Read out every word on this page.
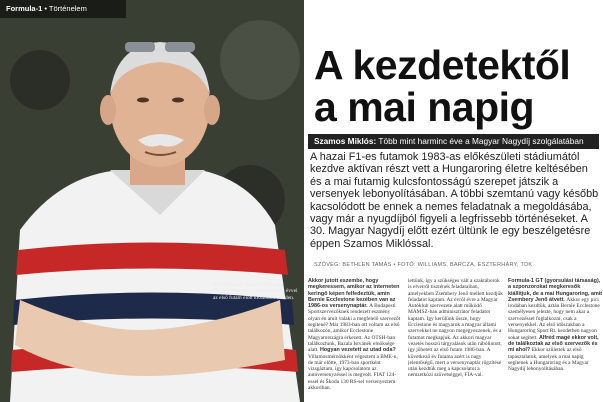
Formula-1 • Történelem
Akkor jutott eszembe, hogy megkeressem... 1983-ban egy évvel az első futam előtt kezdődött minden.
A kezdetektől
a mai napig
Szamos Miklós: Több mint harminc éve a Magyar Nagydíj szolgálatában
A hazai F1-es futamok 1983-as előkészületi stádiumától kezdve aktívan részt vett a Hungaroring életre keltésében és a mai futamig kulcsfontosságú szerepet játszik a versenyek lebonyolításában. A többi szemtanú vagy később kacsolódott be ennek a nemes feladatnak a megoldásába, vagy már a nyugdíjból figyeli a legfrissebb történéseket. A 30. Magyar Nagydíj előtt ezért ültünk le egy beszélgetésre éppen Szamos Miklóssal.
SZÖVEG: BETHLEN TAMÁS • FOTÓ: WILLIAMS, BARCZA, ESZTERHÁRY, TDK
Akkor jutott eszembe, hogy megkeressem, amikor az interneten keringő képen felfedeztük, amin Bernie Ecclestone kezében van az 1986-os versenynaptár. A Budapesti Sportszervezőknek rendezett eszmény olyan én amit valaki a megfelelő szervezőt segítené? Már 1983-ban ott voltam az első találkozón, amikor Ecclestone Magyarországra érkezett. Az OTSH-ban találkoztunk, Bazala Istvánék elnöksége alatt. Hogyan vezetett az utad oda? Villamosmérnökként végeztem a BME-n, de már előtte, 1973-ban sportként vizsgáztam, így kapcsolatom az autóversenyzéssel is megvolt. FIAT 124-essel és Škoda 130 RS-sel versenyeztem akkoriban.
lettünk, így a szükséges vált a szaktáborok is elveiről tisztének feladataiban, amelyekben Zsembery Jenő mellett kezdjük feladatot kaptam. Az évről évre a Magyar Autóklub szervezete alatt működő MAMSZ-ban adminisztrátor feladatot kaptam. Igy kerülünk össze, hogy Ecclestone és magyarok a magyar állami szervekkel ne nagyon megegyezzenek, és a futamot megkapjuk. Az akkori magyar vezetés hosszú tárgyalások után rábólintott, így jöhetett az első futam 1986-ban. A következő év futama azért is nagy jelentőségű, mert a versenynaptár rögzítése után kezdtük meg a kapcsolatot a nemzetközi szövetséggel, FIA-val.
Formula-1 GT (gyorsulási társaság), a szponzorokat megkeresők kiállítjuk, de a mai Hungaroring, amit Zsembery Jenő átvett. Akkor egy pici irodában kezdtük, aztán Bernie Ecclestone személyesen jelezte, hogy nem akar a szervezéssel foglalkozni, csak a versenyekkel. Az első időszakban a Hungaroring Sport Rt. kezdetben nagyon sokat segített. Alfréd magé ekkor volt, de találkoztak az első szervezők és mi ahol? Ekkor születtek az első tapasztalatok, amelyek a mai napig segítenek a Hungaroring és a Magyar Nagydíj lebonyolításában.
